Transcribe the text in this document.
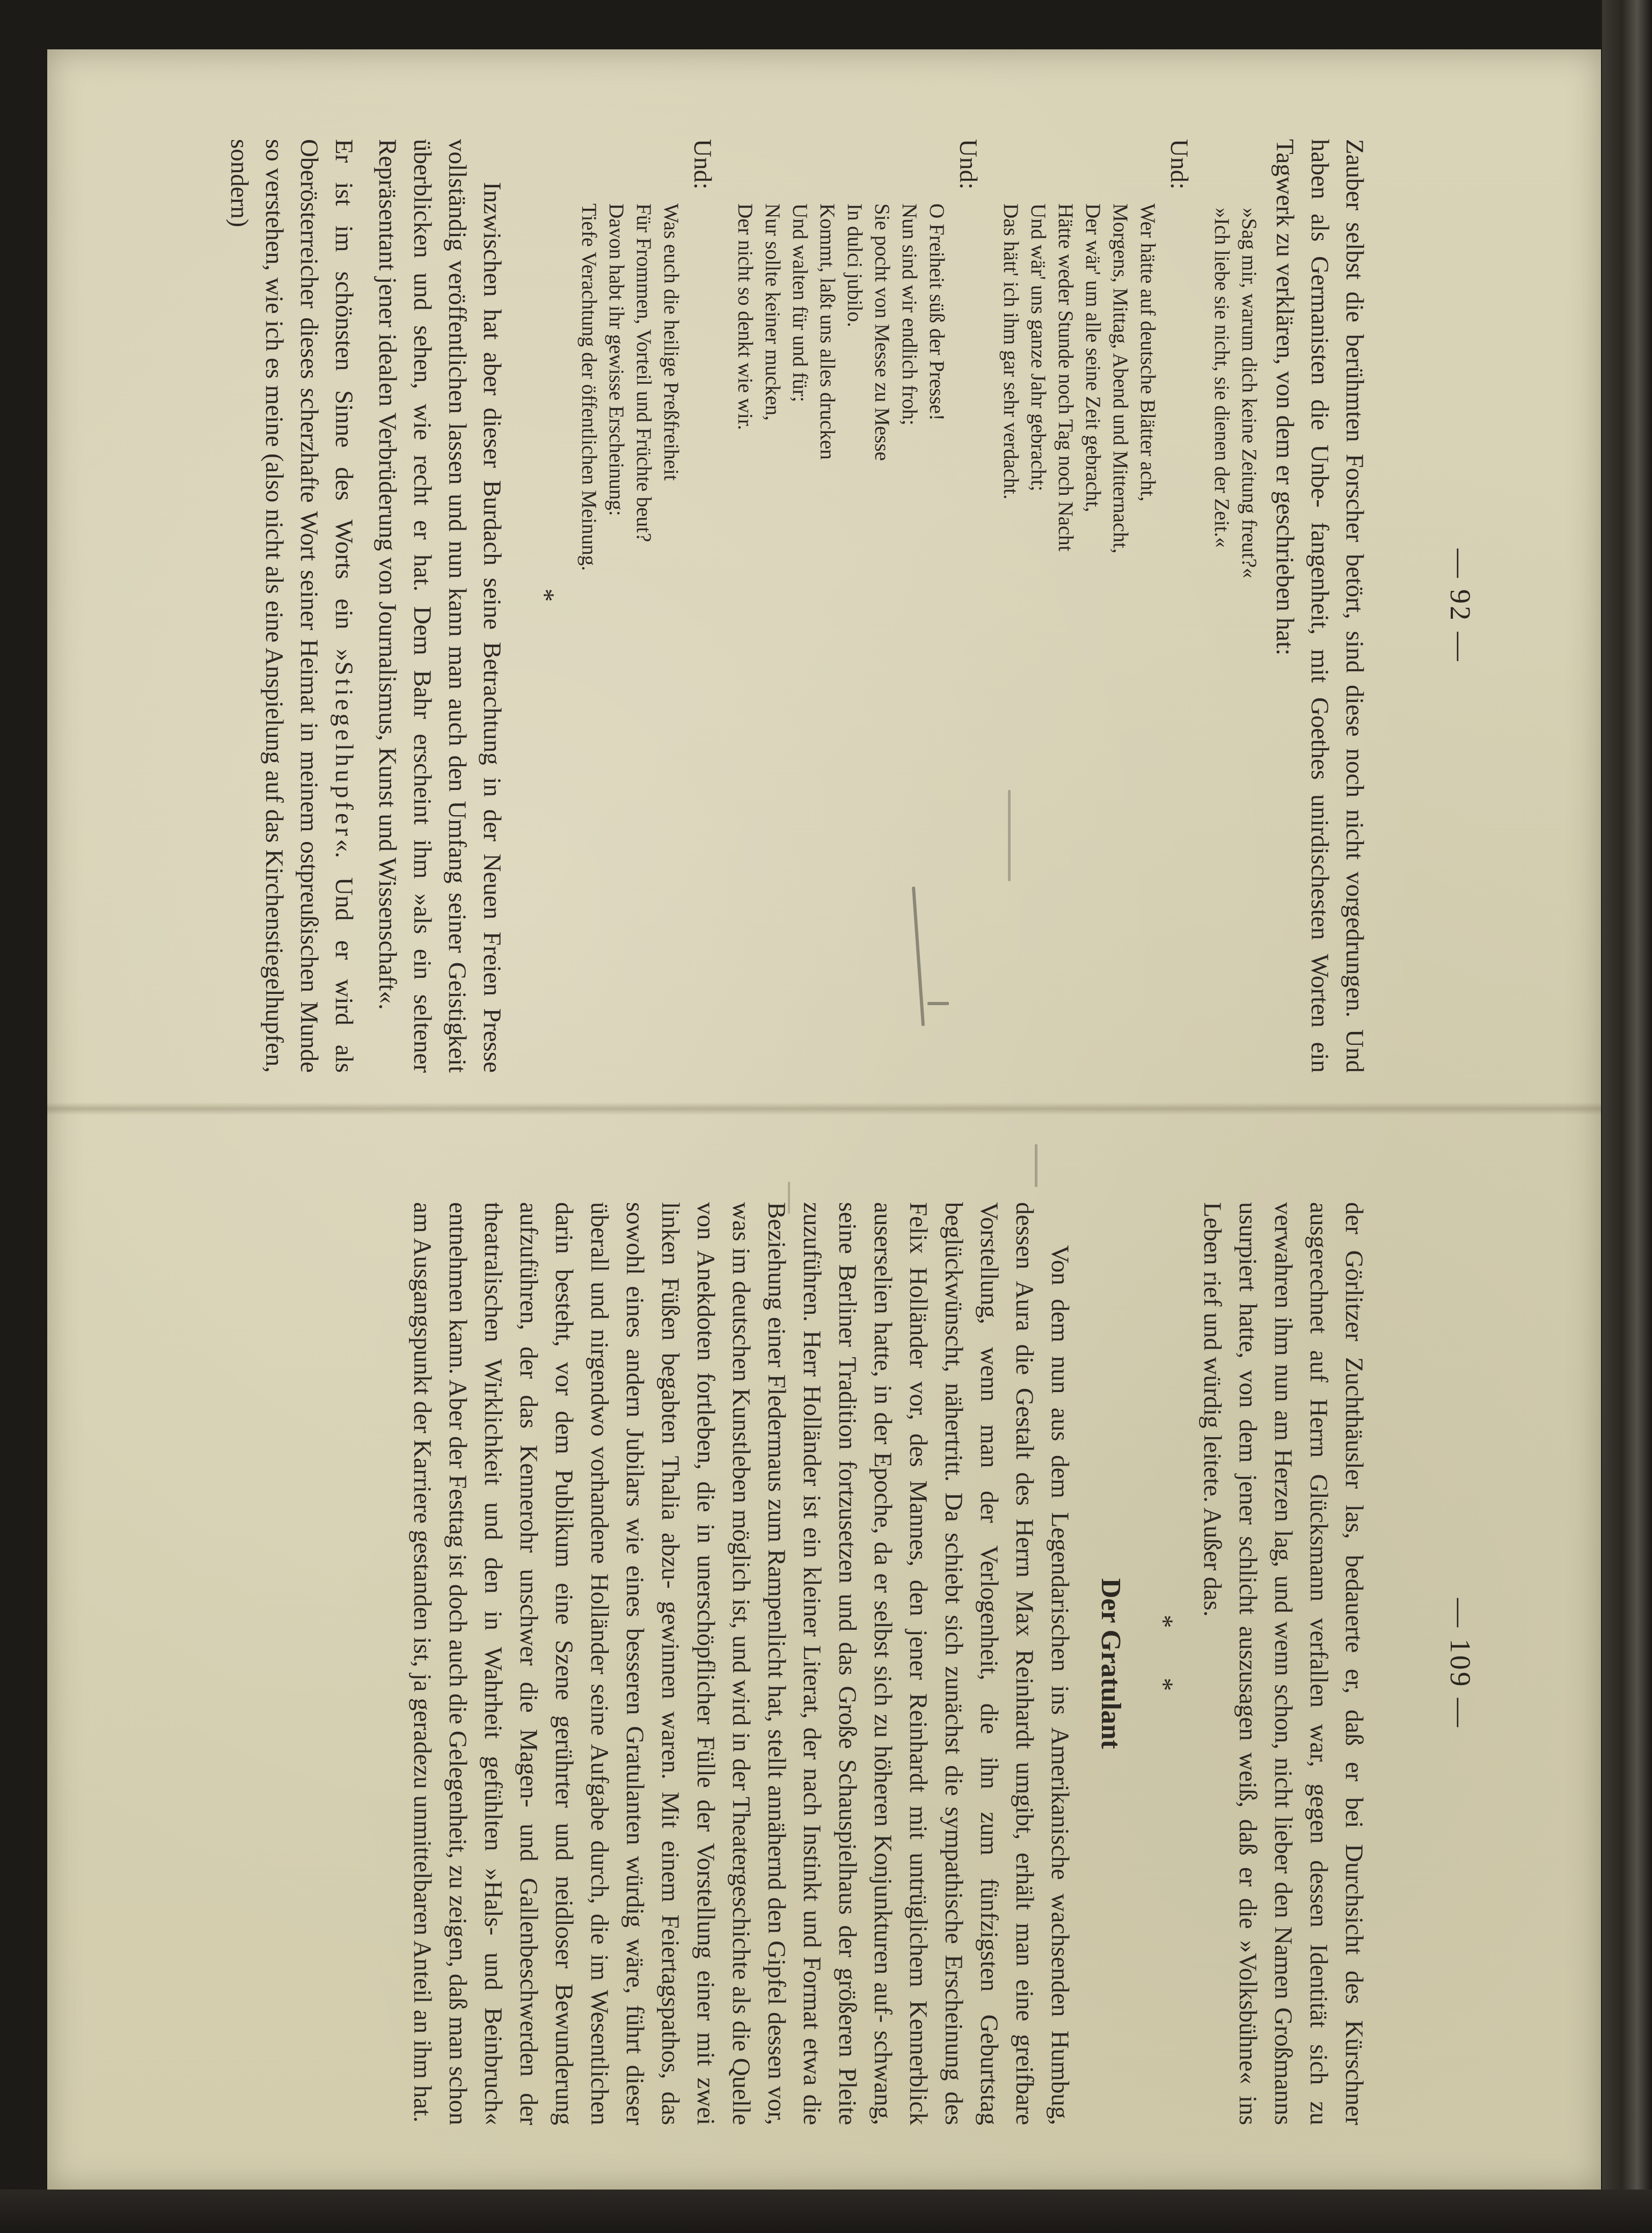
— 92 —

Zauber selbst die berühmten Forscher betört, sind diese noch nicht vorgedrungen. Und haben als Germanisten die Unbe- fangenheit, mit Goethes unirdischesten Worten ein Tagwerk zu verklären, von dem er geschrieben hat:

»Sag mir, warum dich keine Zeitung freut?«
»Ich liebe sie nicht, sie dienen der Zeit.«

Und:

Wer hätte auf deutsche Blätter acht,
Morgens, Mittag, Abend und Mitternacht,
Der wär' um alle seine Zeit gebracht,
Hätte weder Stunde noch Tag noch Nacht
Und wär' uns ganze Jahr gebracht;
Das hätt' ich ihm gar sehr verdacht.

Und:

O Freiheit süß der Presse!
Nun sind wir endlich froh;
Sie pocht von Messe zu Messe
In dulci jubilo.
Kommt, laßt uns alles drucken
Und walten für und für;
Nur sollte keiner mucken,
Der nicht so denkt wie wir.

Und:

Was euch die heilige Preßfreiheit
Für Frommen, Vorteil und Früchte beut?
Davon habt ihr gewisse Erscheinung:
Tiefe Verachtung der öffentlichen Meinung.
*

Inzwischen hat aber dieser Burdach seine Betrachtung in der Neuen Freien Presse vollständig veröffentlichen lassen und nun kann man auch den Umfang seiner Geistigkeit überblicken und sehen, wie recht er hat. Dem Bahr erscheint ihm »als ein seltener Repräsentant jener idealen Verbrüderung von Journalismus, Kunst und Wissenschaft«.

Er ist im schönsten Sinne des Worts ein »Stiegelhupfer«. Und er wird als Oberösterreicher dieses scherzhafte Wort seiner Heimat in meinem ostpreußischen Munde so verstehen, wie ich es meine (also nicht als eine Anspielung auf das Kirchenstiegelhupfen, sondern)

— 109 —

der Görlitzer Zuchthäusler las, bedauerte er, daß er bei Durchsicht des Kürschner ausgerechnet auf Herrn Glücksmann verfallen war, gegen dessen Identität sich zu verwahren ihm nun am Herzen lag, und wenn schon, nicht lieber den Namen Großmanns usurpiert hatte, von dem jener schlicht auszusagen weiß, daß er die »Volksbühne« ins Leben rief und würdig leitete. Außer das.

* *
Der Gratulant

Von dem nun aus dem Legendarischen ins Amerikanische wachsenden Humbug, dessen Aura die Gestalt des Herrn Max Reinhardt umgibt, erhält man eine greifbare Vorstellung, wenn man der Verlogenheit, die ihn zum fünfzigsten Geburtstag beglückwünscht, nähertritt. Da schiebt sich zunächst die sympathische Erscheinung des Felix Holländer vor, des Mannes, den jener Reinhardt mit untrüglichem Kennerblick auserselien hatte, in der Epoche, da er selbst sich zu höheren Konjunkturen auf- schwang, seine Berliner Tradition fortzusetzen und das Große Schauspielhaus der größeren Pleite zuzuführen. Herr Holländer ist ein kleiner Literat, der nach Instinkt und Format etwa die Beziehung einer Fledermaus zum Rampenlicht hat, stellt annähernd den Gipfel dessen vor, was im deutschen Kunstleben möglich ist, und wird in der Theatergeschichte als die Quelle von Anekdoten fortleben, die in unerschöpflicher Fülle der Vorstellung einer mit zwei linken Füßen begabten Thalia abzu- gewinnen waren. Mit einem Feiertagspathos, das sowohl eines andern Jubilars wie eines besseren Gratulanten würdig wäre, führt dieser überall und nirgendwo vorhandene Holländer seine Aufgabe durch, die im Wesentlichen darin besteht, vor dem Publikum eine Szene gerührter und neidloser Bewunderung aufzuführen, der das Kennerohr unschwer die Magen- und Gallenbeschwerden der theatralischen Wirklichkeit und den in Wahrheit gefühlten »Hals- und Beinbruch« entnehmen kann. Aber der Festtag ist doch auch die Gelegenheit, zu zeigen, daß man schon am Ausgangspunkt der Karriere gestanden ist, ja geradezu unmittelbaren Anteil an ihm hat.
